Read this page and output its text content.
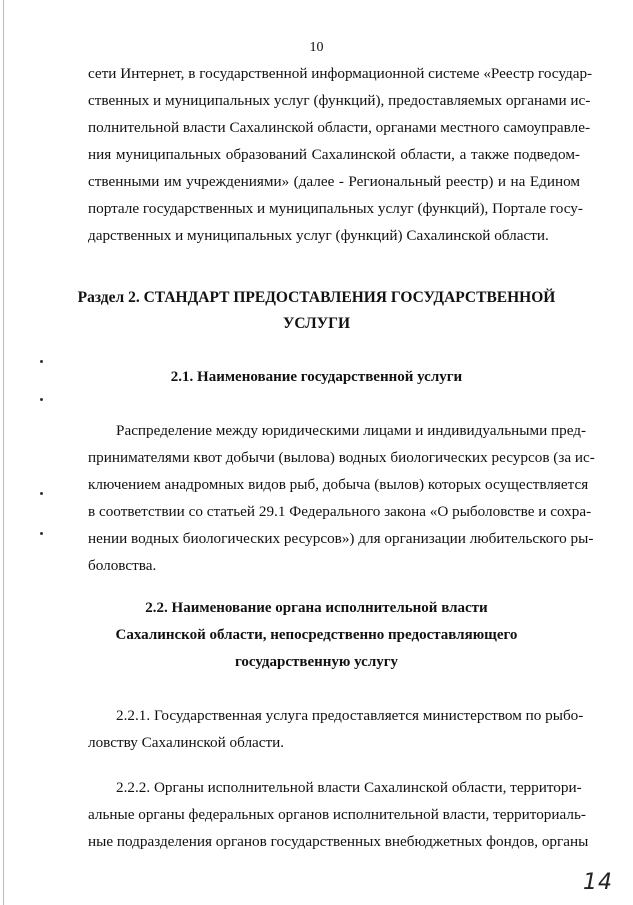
10
сети Интернет, в государственной информационной системе «Реестр государ-
ственных и муниципальных услуг (функций), предоставляемых органами ис-
полнительной власти Сахалинской области, органами местного самоуправле-
ния муниципальных образований Сахалинской области, а также подведом-
ственными им учреждениями» (далее - Региональный реестр) и на Едином
портале государственных и муниципальных услуг (функций), Портале госу-
дарственных и муниципальных услуг (функций) Сахалинской области.
Раздел 2. СТАНДАРТ ПРЕДОСТАВЛЕНИЯ ГОСУДАРСТВЕННОЙ
УСЛУГИ
2.1. Наименование государственной услуги
Распределение между юридическими лицами и индивидуальными пред-
принимателями квот добычи (вылова) водных биологических ресурсов (за ис-
ключением анадромных видов рыб, добыча (вылов) которых осуществляется
в соответствии со статьей 29.1 Федерального закона «О рыболовстве и сохра-
нении водных биологических ресурсов») для организации любительского ры-
боловства.
2.2. Наименование органа исполнительной власти
Сахалинской области, непосредственно предоставляющего
государственную услугу
2.2.1. Государственная услуга предоставляется министерством по рыбо-
ловству Сахалинской области.
2.2.2. Органы исполнительной власти Сахалинской области, территори-
альные органы федеральных органов исполнительной власти, территориаль-
ные подразделения органов государственных внебюджетных фондов, органы
14
